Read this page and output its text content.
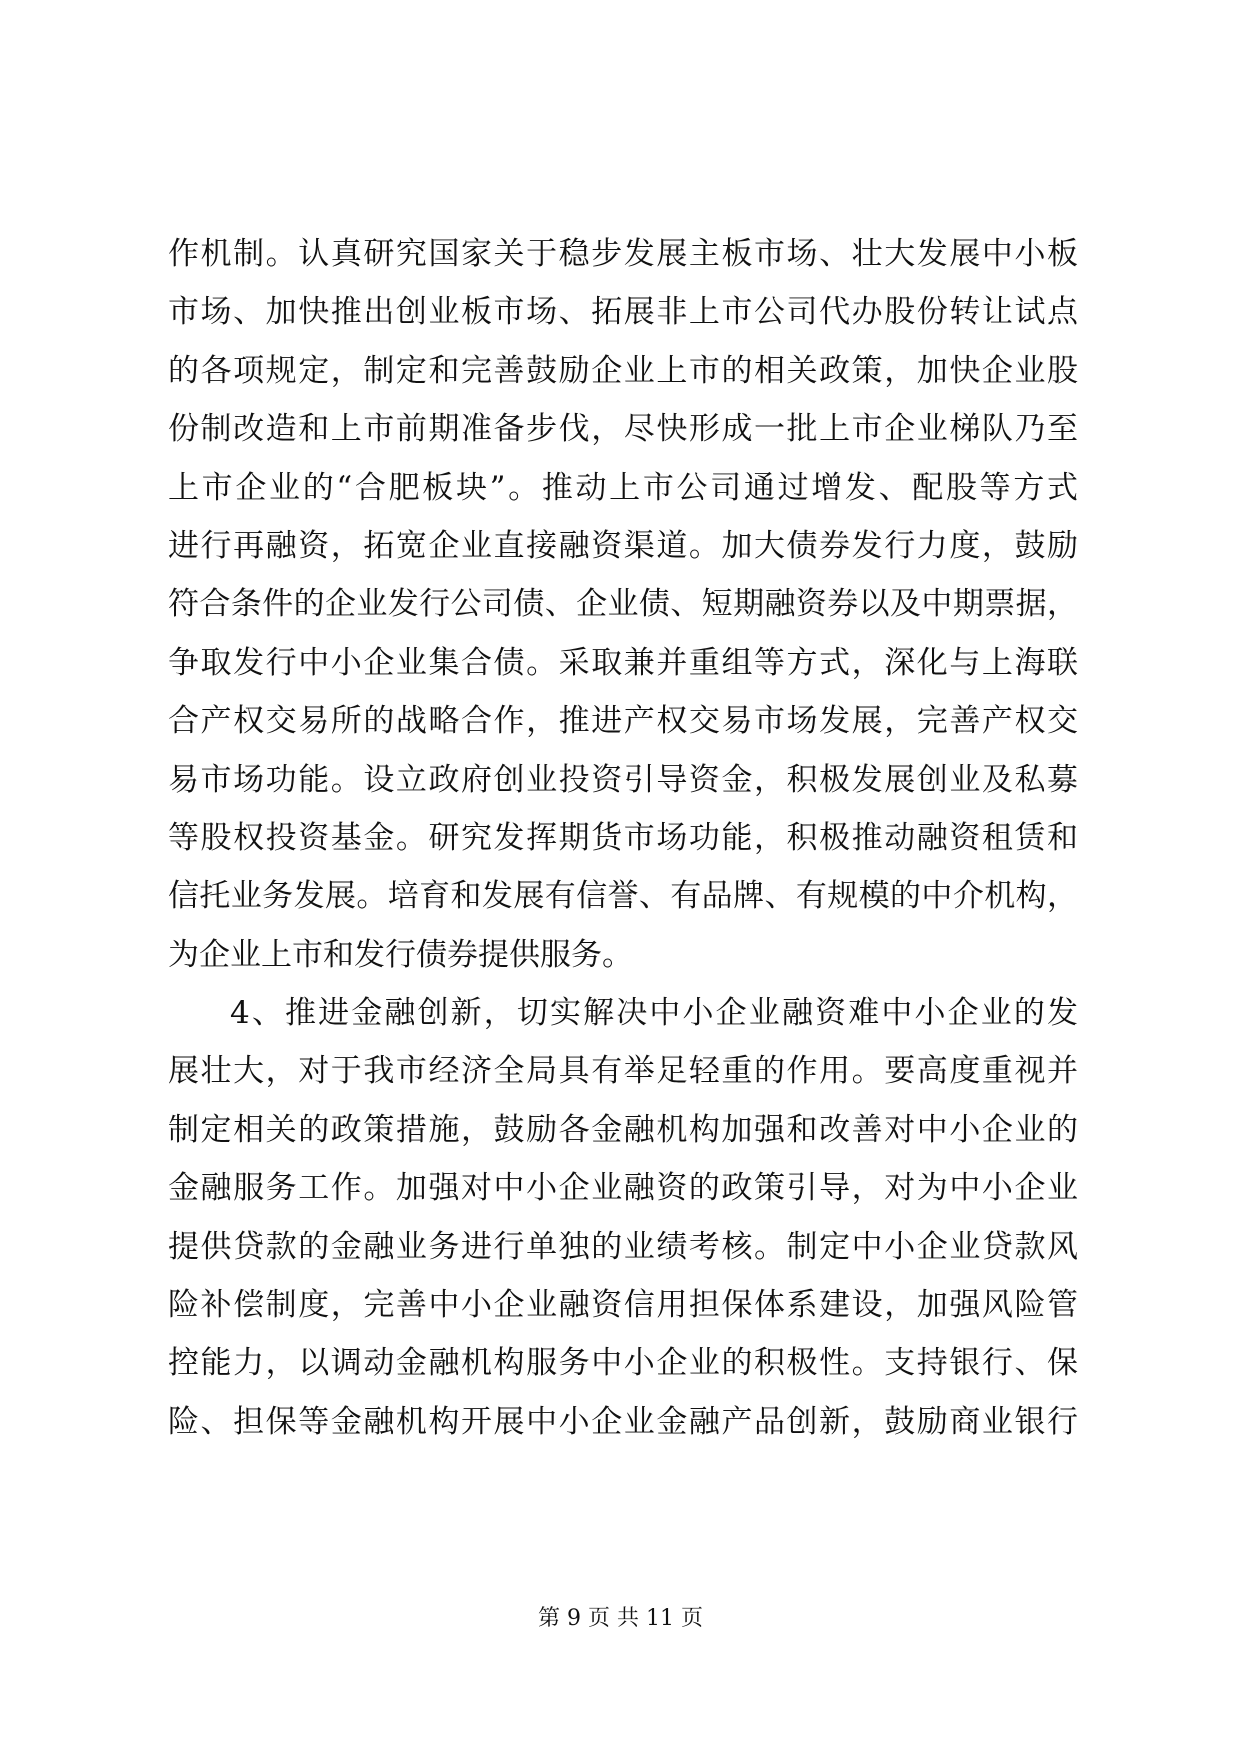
作机制。认真研究国家关于稳步发展主板市场、壮大发展中小板
市场、加快推出创业板市场、拓展非上市公司代办股份转让试点
的各项规定，制定和完善鼓励企业上市的相关政策，加快企业股
份制改造和上市前期准备步伐，尽快形成一批上市企业梯队乃至
上市企业的“合肥板块”。推动上市公司通过增发、配股等方式
进行再融资，拓宽企业直接融资渠道。加大债券发行力度，鼓励
符合条件的企业发行公司债、企业债、短期融资券以及中期票据，
争取发行中小企业集合债。采取兼并重组等方式，深化与上海联
合产权交易所的战略合作，推进产权交易市场发展，完善产权交
易市场功能。设立政府创业投资引导资金，积极发展创业及私募
等股权投资基金。研究发挥期货市场功能，积极推动融资租赁和
信托业务发展。培育和发展有信誉、有品牌、有规模的中介机构，
为企业上市和发行债券提供服务。
4、推进金融创新，切实解决中小企业融资难中小企业的发
展壮大，对于我市经济全局具有举足轻重的作用。要高度重视并
制定相关的政策措施，鼓励各金融机构加强和改善对中小企业的
金融服务工作。加强对中小企业融资的政策引导，对为中小企业
提供贷款的金融业务进行单独的业绩考核。制定中小企业贷款风
险补偿制度，完善中小企业融资信用担保体系建设，加强风险管
控能力，以调动金融机构服务中小企业的积极性。支持银行、保
险、担保等金融机构开展中小企业金融产品创新，鼓励商业银行
第 9 页 共 11 页
